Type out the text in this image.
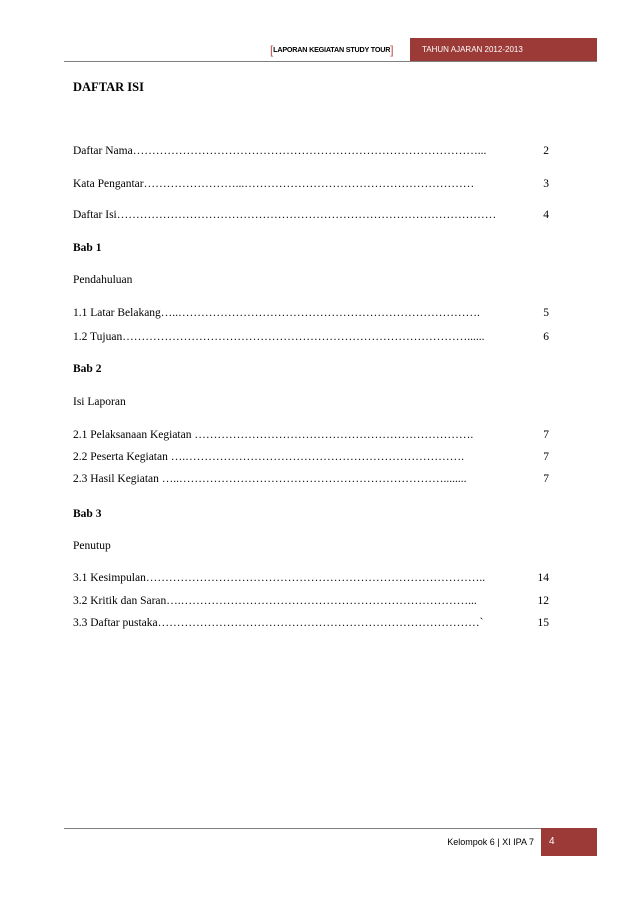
[LAPORAN KEGIATAN STUDY TOUR]	TAHUN AJARAN 2012-2013
DAFTAR ISI
Daftar Nama………………………………………………………………………………...	2
Kata Pengantar……………………...……………………………………………………	3
Daftar Isi………………………………………………………………………………………	4
Bab 1
Pendahuluan
1.1 Latar Belakang…..…………………………………………………………………….	5
1.2 Tujuan………………………………………………………………………………......	6
Bab 2
Isi Laporan
2.1 Pelaksanaan Kegiatan ……………………………………………………………….	7
2.2 Peserta Kegiatan ….……………………………………………………………….	7
2.3 Hasil Kegiatan …..……………………………………………………………........	7
Bab 3
Penutup
3.1 Kesimpulan……………………………………………………………………………..	14
3.2 Kritik dan Saran….…………………………………………………………………...	12
3.3 Daftar pustaka…………………………………………………………………………`	15
Kelompok 6 | XI IPA 7	4
